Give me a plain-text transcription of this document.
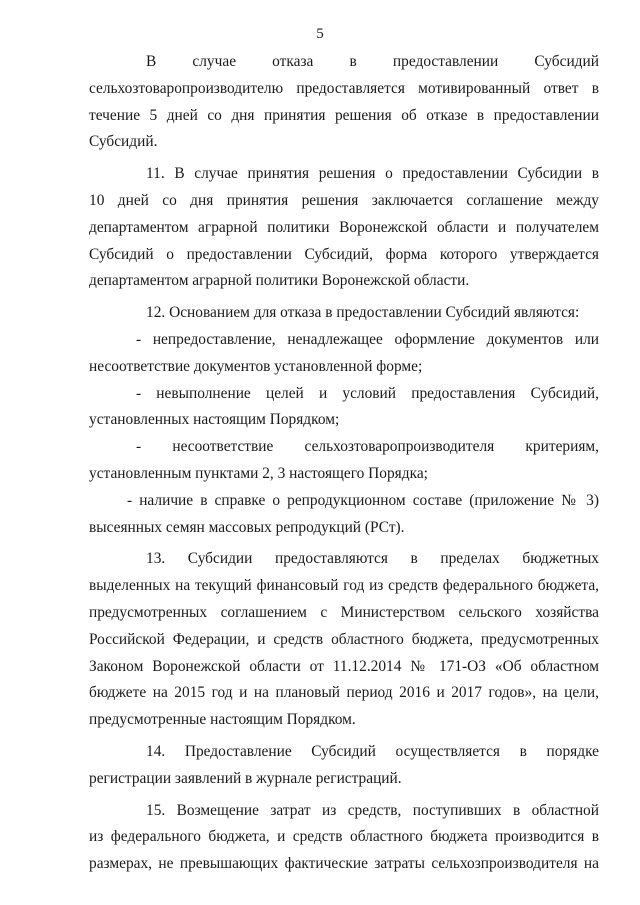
5
В случае отказа в предоставлении Субсидий
сельхозтоваропроизводителю предоставляется мотивированный ответ в
течение 5 дней со дня принятия решения об отказе в предоставлении
Субсидий.
11. В случае принятия решения о предоставлении Субсидии в
10 дней со дня принятия решения заключается соглашение между
департаментом аграрной политики Воронежской области и получателем
Субсидий о предоставлении Субсидий, форма которого утверждается
департаментом аграрной политики Воронежской области.
12. Основанием для отказа в предоставлении Субсидий являются:
- непредоставление, ненадлежащее оформление документов или
несоответствие документов установленной форме;
- невыполнение целей и условий предоставления Субсидий,
установленных настоящим Порядком;
- несоответствие сельхозтоваропроизводителя критериям,
установленным пунктами 2, 3 настоящего Порядка;
- наличие в справке о репродукционном составе (приложение № 3)
высеянных семян массовых репродукций (РСт).
13. Субсидии предоставляются в пределах бюджетных
выделенных на текущий финансовый год из средств федерального бюджета,
предусмотренных соглашением с Министерством сельского хозяйства
Российской Федерации, и средств областного бюджета, предусмотренных
Законом Воронежской области от 11.12.2014 № 171-ОЗ «Об областном
бюджете на 2015 год и на плановый период 2016 и 2017 годов», на цели,
предусмотренные настоящим Порядком.
14. Предоставление Субсидий осуществляется в порядке
регистрации заявлений в журнале регистраций.
15. Возмещение затрат из средств, поступивших в областной
из федерального бюджета, и средств областного бюджета производится в
размерах, не превышающих фактические затраты сельхозпроизводителя на
